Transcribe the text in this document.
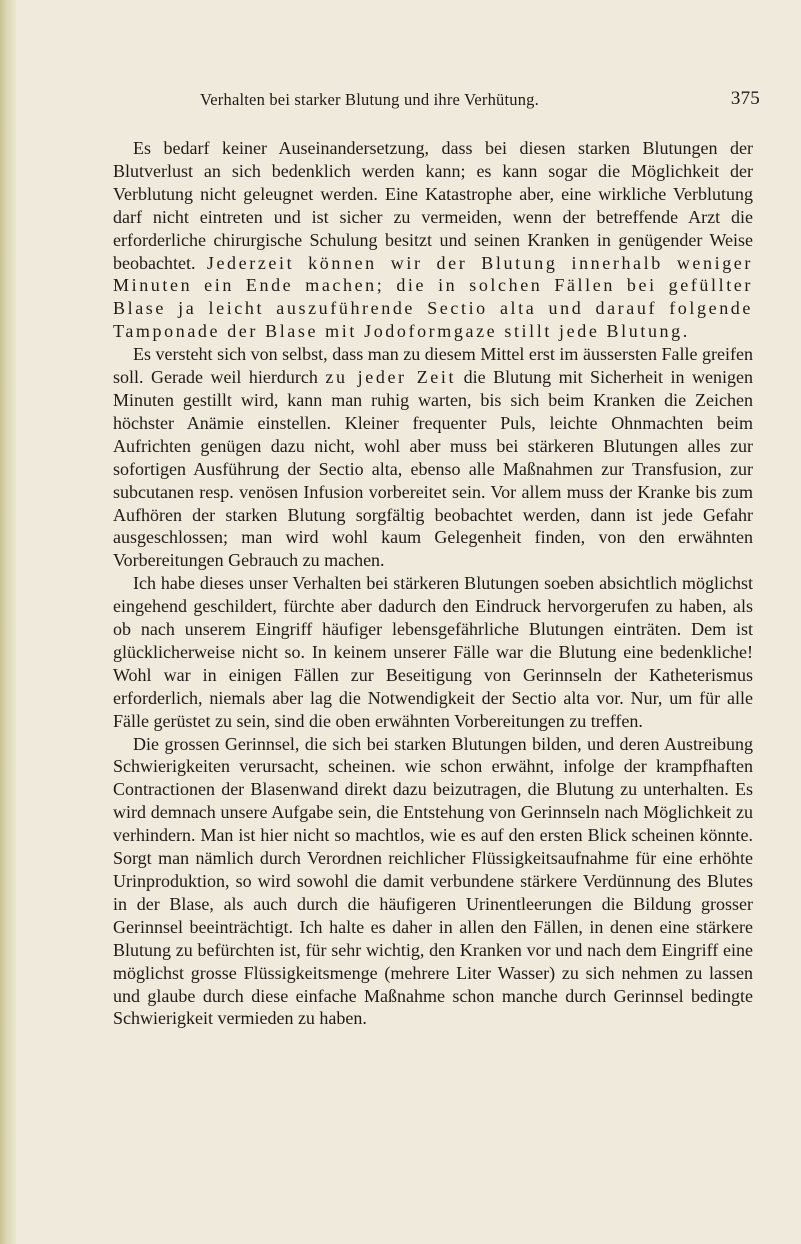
Verhalten bei starker Blutung und ihre Verhütung.	375

Es bedarf keiner Auseinandersetzung, dass bei diesen starken Blutungen der Blutverlust an sich bedenklich werden kann; es kann sogar die Möglichkeit der Verblutung nicht geleugnet werden. Eine Katastrophe aber, eine wirkliche Verblutung darf nicht eintreten und ist sicher zu vermeiden, wenn der betreffende Arzt die erforderliche chirurgische Schulung besitzt und seinen Kranken in genügender Weise beobachtet. Jederzeit können wir der Blutung innerhalb weniger Minuten ein Ende machen; die in solchen Fällen bei gefüllter Blase ja leicht auszuführende Sectio alta und darauf folgende Tamponade der Blase mit Jodoformgaze stillt jede Blutung.

Es versteht sich von selbst, dass man zu diesem Mittel erst im äussersten Falle greifen soll. Gerade weil hierdurch zu jeder Zeit die Blutung mit Sicherheit in wenigen Minuten gestillt wird, kann man ruhig warten, bis sich beim Kranken die Zeichen höchster Anämie einstellen. Kleiner frequenter Puls, leichte Ohnmachten beim Aufrichten genügen dazu nicht, wohl aber muss bei stärkeren Blutungen alles zur sofortigen Ausführung der Sectio alta, ebenso alle Maßnahmen zur Transfusion, zur subcutanen resp. venösen Infusion vorbereitet sein. Vor allem muss der Kranke bis zum Aufhören der starken Blutung sorgfältig beobachtet werden, dann ist jede Gefahr ausgeschlossen; man wird wohl kaum Gelegenheit finden, von den erwähnten Vorbereitungen Gebrauch zu machen.

Ich habe dieses unser Verhalten bei stärkeren Blutungen soeben absichtlich möglichst eingehend geschildert, fürchte aber dadurch den Eindruck hervorgerufen zu haben, als ob nach unserem Eingriff häufiger lebensgefährliche Blutungen einträten. Dem ist glücklicherweise nicht so. In keinem unserer Fälle war die Blutung eine bedenkliche! Wohl war in einigen Fällen zur Beseitigung von Gerinnseln der Katheterismus erforderlich, niemals aber lag die Notwendigkeit der Sectio alta vor. Nur, um für alle Fälle gerüstet zu sein, sind die oben erwähnten Vorbereitungen zu treffen.

Die grossen Gerinnsel, die sich bei starken Blutungen bilden, und deren Austreibung Schwierigkeiten verursacht, scheinen. wie schon erwähnt, infolge der krampfhaften Contractionen der Blasenwand direkt dazu beizutragen, die Blutung zu unterhalten. Es wird demnach unsere Aufgabe sein, die Entstehung von Gerinnseln nach Möglichkeit zu verhindern. Man ist hier nicht so machtlos, wie es auf den ersten Blick scheinen könnte. Sorgt man nämlich durch Verordnen reichlicher Flüssigkeitsaufnahme für eine erhöhte Urinproduktion, so wird sowohl die damit verbundene stärkere Verdünnung des Blutes in der Blase, als auch durch die häufigeren Urinentleerungen die Bildung grosser Gerinnsel beeinträchtigt. Ich halte es daher in allen den Fällen, in denen eine stärkere Blutung zu befürchten ist, für sehr wichtig, den Kranken vor und nach dem Eingriff eine möglichst grosse Flüssigkeitsmenge (mehrere Liter Wasser) zu sich nehmen zu lassen und glaube durch diese einfache Maßnahme schon manche durch Gerinnsel bedingte Schwierigkeit vermieden zu haben.
